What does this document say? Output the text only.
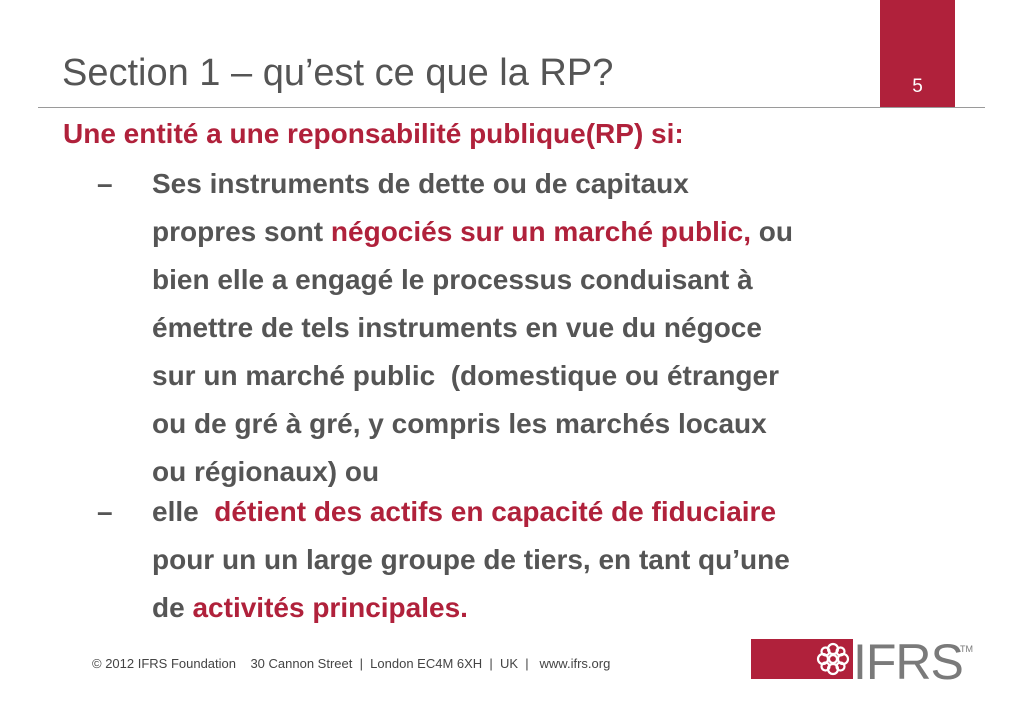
Section 1 – qu’est ce que la RP?	5
Une entité a une reponsabilité publique(RP) si:
– Ses instruments de dette ou de capitaux
propres sont négociés sur un marché public, ou
bien elle a engagé le processus conduisant à
émettre de tels instruments en vue du négoce
sur un marché public  (domestique ou étranger
ou de gré à gré, y compris les marchés locaux
ou régionaux) ou
– elle  détient des actifs en capacité de fiduciaire
pour un un large groupe de tiers, en tant qu’une
de activités principales.
© 2012 IFRS Foundation    30 Cannon Street  |  London EC4M 6XH  |  UK  |   www.ifrs.org	IFRS
TM
